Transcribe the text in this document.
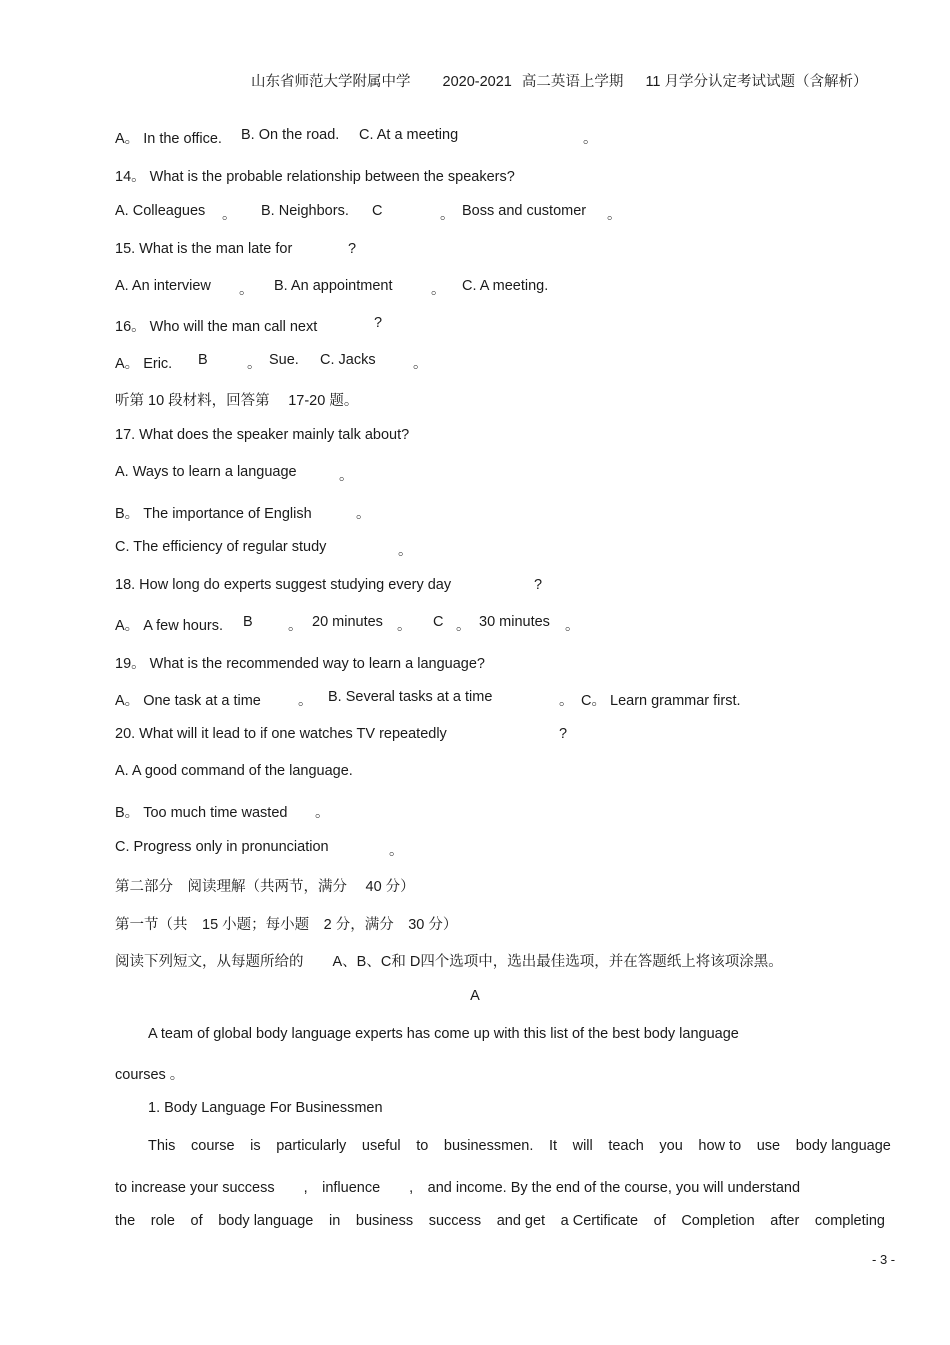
山东省师范大学附属中学 2020-2021 高二英语上学期 11 月学分认定考试试题（含解析）
A。 In the office. B. On the road. C. At a meeting	。
14。 What is the probable relationship between the speakers?
A. Colleagues 。 B. Neighbors. C	。 Boss and customer 。
15. What is the man late for	?
A. An interview 。 B. An appointment	。 C. A meeting.
16。 Who will the man call next	?
A。 Eric. B	。 Sue. C. Jacks	。
听第 10 段材料，回答第　 17-20 题。
17. What does the speaker mainly talk about?
A. Ways to learn a language	。
B。 The importance of English	。
C. The efficiency of regular study	。
18. How long do experts suggest studying every day	?
A。 A few hours. B 。 20 minutes 。 C 。 30 minutes 。
19。 What is the recommended way to learn a language?
A。 One task at a time	。 B. Several tasks at a time	。 C。 Learn grammar first.
20. What will it lead to if one watches TV repeatedly	?
A. A good command of the language.
B。 Too much time wasted 。
C. Progress only in pronunciation	。
第二部分　阅读理解（共两节，满分　 40 分）
第一节（共　15 小题；每小题　2 分，满分　30 分）
阅读下列短文，从每题所给的　　A、B、C和 D四个选项中，选出最佳选项，并在答题纸上将该项涂黑。
A
A team of global body language experts has come up with this list of the best body language
courses 。
1. Body Language For Businessmen
This course is particularly useful to businessmen. It will teach you how to use body language
to increase your success　　,　influence　　,　and income. By the end of the course, you will understand
the role of body language in business success and get a Certificate of Completion after completing
- 3 -
